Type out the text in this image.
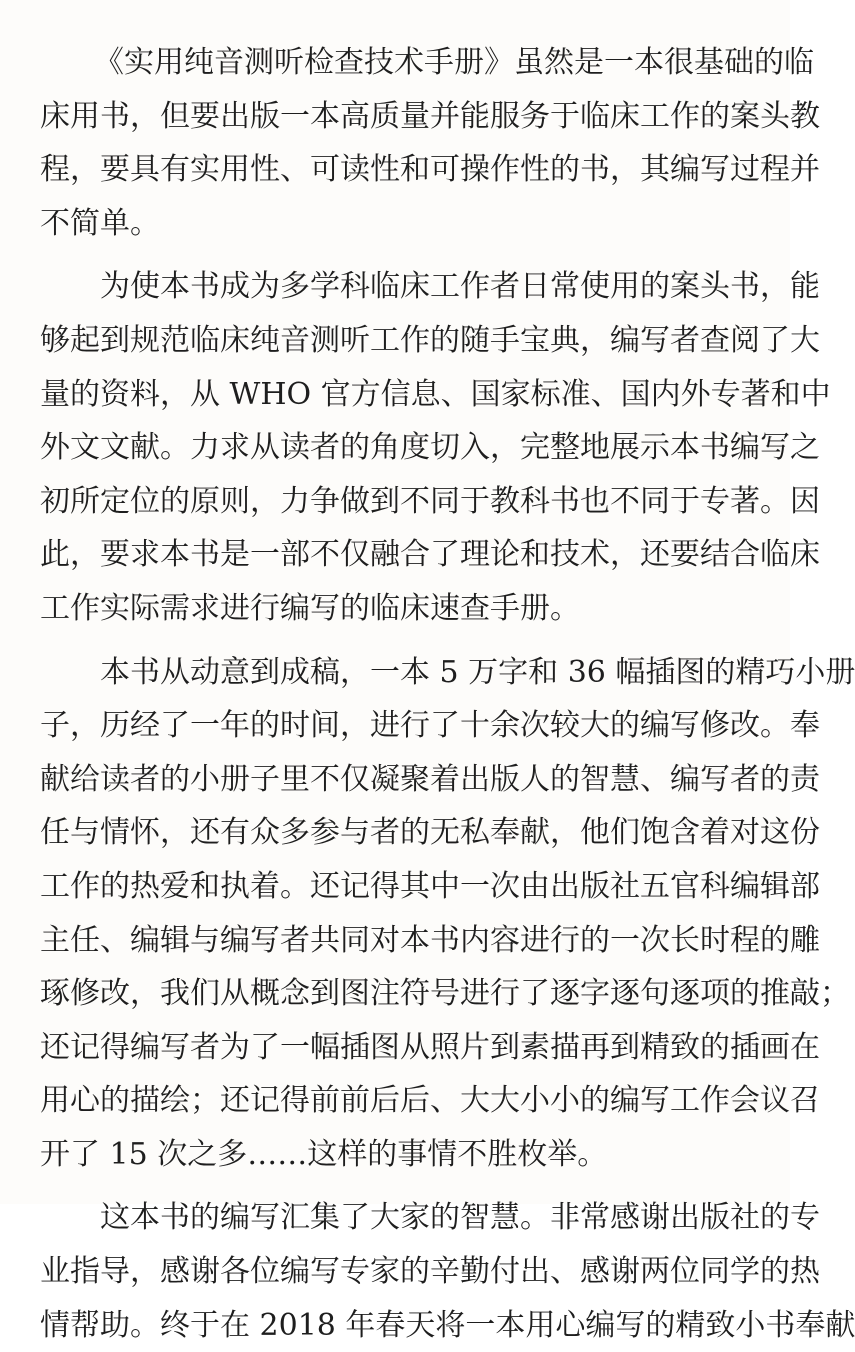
《实用纯音测听检查技术手册》虽然是一本很基础的临
床用书，但要出版一本高质量并能服务于临床工作的案头教
程，要具有实用性、可读性和可操作性的书，其编写过程并
不简单。
为使本书成为多学科临床工作者日常使用的案头书，能
够起到规范临床纯音测听工作的随手宝典，编写者查阅了大
量的资料，从 WHO 官方信息、国家标准、国内外专著和中
外文文献。力求从读者的角度切入，完整地展示本书编写之
初所定位的原则，力争做到不同于教科书也不同于专著。因
此，要求本书是一部不仅融合了理论和技术，还要结合临床
工作实际需求进行编写的临床速查手册。
本书从动意到成稿，一本 5 万字和 36 幅插图的精巧小册
子，历经了一年的时间，进行了十余次较大的编写修改。奉
献给读者的小册子里不仅凝聚着出版人的智慧、编写者的责
任与情怀，还有众多参与者的无私奉献，他们饱含着对这份
工作的热爱和执着。还记得其中一次由出版社五官科编辑部
主任、编辑与编写者共同对本书内容进行的一次长时程的雕
琢修改，我们从概念到图注符号进行了逐字逐句逐项的推敲；
还记得编写者为了一幅插图从照片到素描再到精致的插画在
用心的描绘；还记得前前后后、大大小小的编写工作会议召
开了 15 次之多……这样的事情不胜枚举。
这本书的编写汇集了大家的智慧。非常感谢出版社的专
业指导，感谢各位编写专家的辛勤付出、感谢两位同学的热
情帮助。终于在 2018 年春天将一本用心编写的精致小书奉献
